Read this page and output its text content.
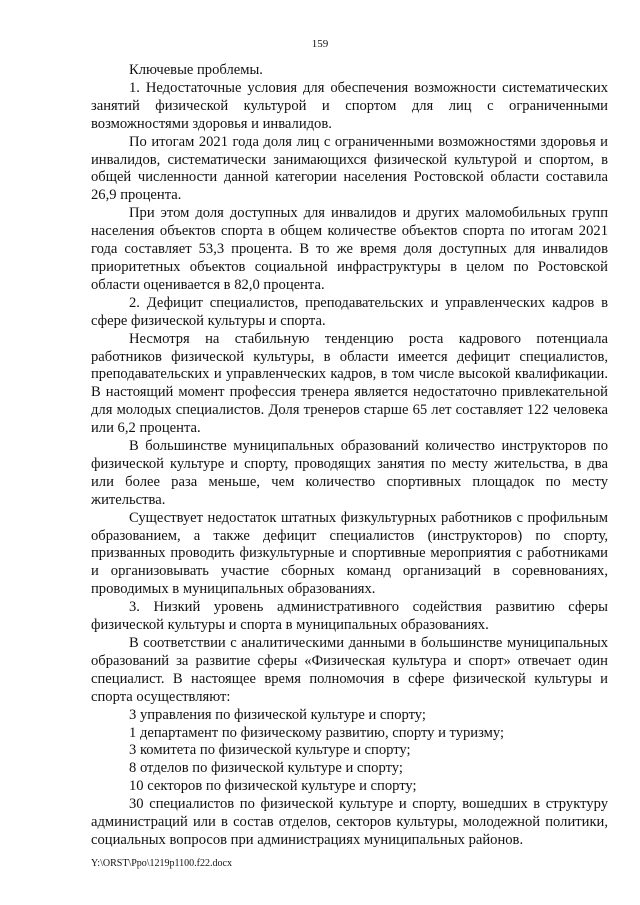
159

Ключевые проблемы.

1. Недостаточные условия для обеспечения возможности систематических занятий физической культурой и спортом для лиц с ограниченными возможностями здоровья и инвалидов.

По итогам 2021 года доля лиц с ограниченными возможностями здоровья и инвалидов, систематически занимающихся физической культурой и спортом, в общей численности данной категории населения Ростовской области составила 26,9 процента.

При этом доля доступных для инвалидов и других маломобильных групп населения объектов спорта в общем количестве объектов спорта по итогам 2021 года составляет 53,3 процента. В то же время доля доступных для инвалидов приоритетных объектов социальной инфраструктуры в целом по Ростовской области оценивается в 82,0 процента.

2. Дефицит специалистов, преподавательских и управленческих кадров в сфере физической культуры и спорта.

Несмотря на стабильную тенденцию роста кадрового потенциала работников физической культуры, в области имеется дефицит специалистов, преподавательских и управленческих кадров, в том числе высокой квалификации. В настоящий момент профессия тренера является недостаточно привлекательной для молодых специалистов. Доля тренеров старше 65 лет составляет 122 человека или 6,2 процента.

В большинстве муниципальных образований количество инструкторов по физической культуре и спорту, проводящих занятия по месту жительства, в два или более раза меньше, чем количество спортивных площадок по месту жительства.

Существует недостаток штатных физкультурных работников с профильным образованием, а также дефицит специалистов (инструкторов) по спорту, призванных проводить физкультурные и спортивные мероприятия с работниками и организовывать участие сборных команд организаций в соревнованиях, проводимых в муниципальных образованиях.

3. Низкий уровень административного содействия развитию сферы физической культуры и спорта в муниципальных образованиях.

В соответствии с аналитическими данными в большинстве муниципальных образований за развитие сферы «Физическая культура и спорт» отвечает один специалист. В настоящее время полномочия в сфере физической культуры и спорта осуществляют:

3 управления по физической культуре и спорту;

1 департамент по физическому развитию, спорту и туризму;

3 комитета по физической культуре и спорту;

8 отделов по физической культуре и спорту;

10 секторов по физической культуре и спорту;

30 специалистов по физической культуре и спорту, вошедших в структуру администраций или в состав отделов, секторов культуры, молодежной политики, социальных вопросов при администрациях муниципальных районов.

Y:\ORST\Ppo\1219p1100.f22.docx
